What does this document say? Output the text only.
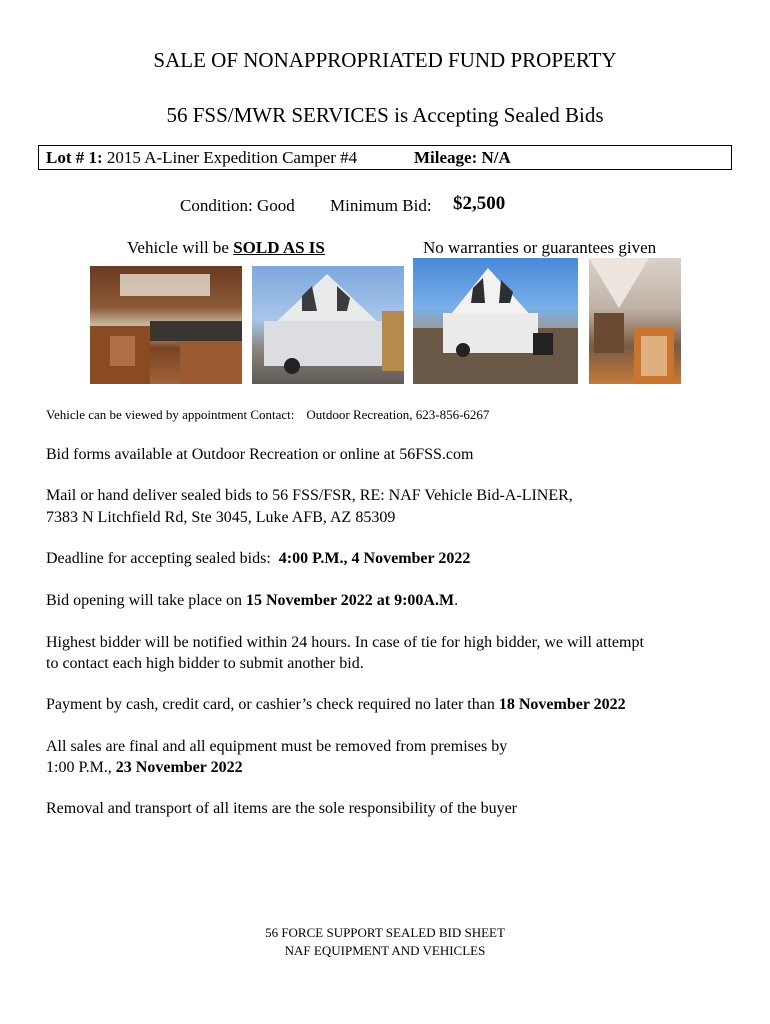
SALE OF NONAPPROPRIATED FUND PROPERTY
56 FSS/MWR SERVICES is Accepting Sealed Bids
Lot # 1: 2015 A-Liner Expedition Camper #4	Mileage: N/A
Condition: Good Minimum Bid: $2,500
Vehicle will be SOLD AS IS	No warranties or guarantees given
Vehicle can be viewed by appointment Contact: Outdoor Recreation, 623-856-6267
Bid forms available at Outdoor Recreation or online at 56FSS.com
Mail or hand deliver sealed bids to 56 FSS/FSR, RE: NAF Vehicle Bid-A-LINER,
7383 N Litchfield Rd, Ste 3045, Luke AFB, AZ 85309
Deadline for accepting sealed bids:  4:00 P.M., 4 November 2022
Bid opening will take place on 15 November 2022 at 9:00A.M.
Highest bidder will be notified within 24 hours. In case of tie for high bidder, we will attempt
to contact each high bidder to submit another bid.
Payment by cash, credit card, or cashier’s check required no later than 18 November 2022
All sales are final and all equipment must be removed from premises by
1:00 P.M., 23 November 2022
Removal and transport of all items are the sole responsibility of the buyer
56 FORCE SUPPORT SEALED BID SHEET
NAF EQUIPMENT AND VEHICLES
